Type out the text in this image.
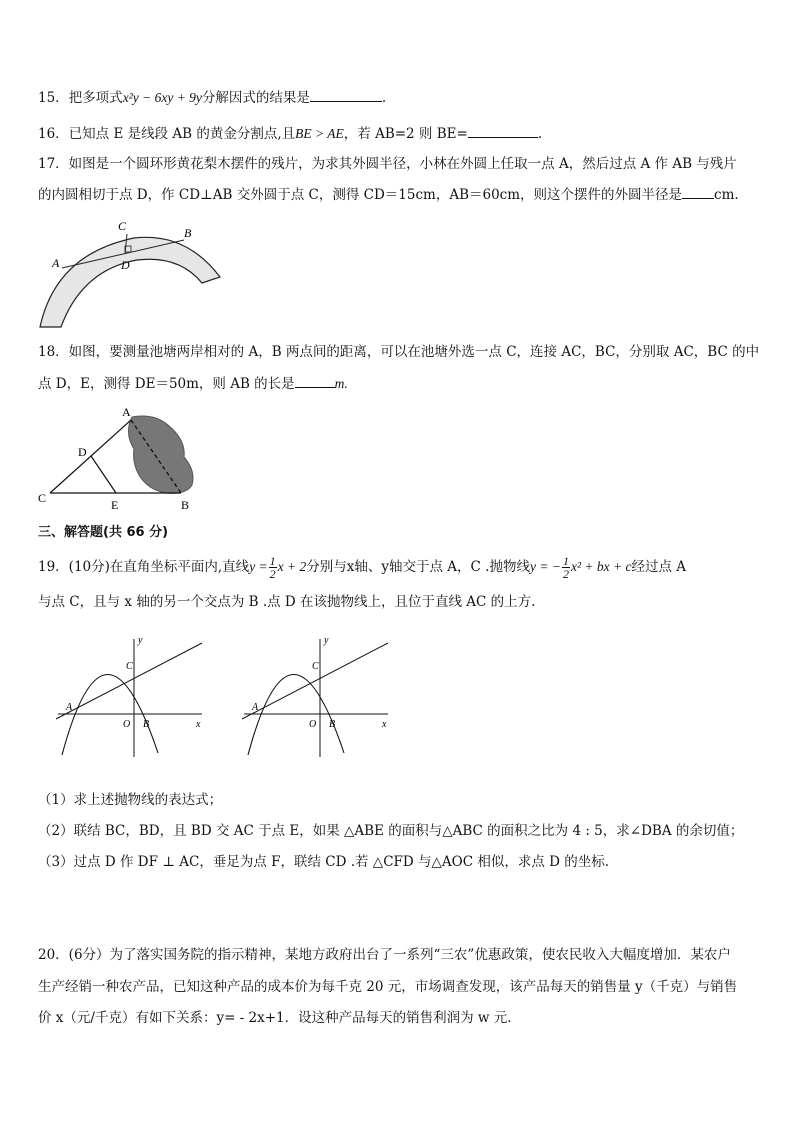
15．把多项式x²y − 6xy + 9y分解因式的结果是	.
16．已知点 E 是线段 AB 的黄金分割点,且BE > AE，若 AB=2 则 BE=	.
17．如图是一个圆环形黄花梨木摆件的残片，为求其外圆半径，小林在外圆上任取一点 A，然后过点 A 作 AB 与残片
的内圆相切于点 D，作 CD⊥AB 交外圆于点 C，测得 CD＝15cm，AB＝60cm，则这个摆件的外圆半径是 cm.
A
C
D
B
18．如图，要测量池塘两岸相对的 A，B 两点间的距离，可以在池塘外选一点 C，连接 AC，BC，分别取 AC，BC 的中
点 D，E，测得 DE＝50m，则 AB 的长是	m.
A
D
C	E	B
三、解答题(共 66 分)
19．(10分)在直角坐标平面内,直线$y = \frac{1}{2}$ x + 2分别与x轴、y轴交于点 A，C .抛物线y = − $\frac{1}{2} x^2$ + bx + c经过点 A
与点 C，且与 x 轴的另一个交点为 B .点 D 在该抛物线上，且位于直线 AC 的上方.
y
C
A
O B	x
y
C
A
O B	x
（1）求上述抛物线的表达式；
（2）联结 BC，BD，且 BD 交 AC 于点 E，如果 △ABE 的面积与△ABC 的面积之比为 4 : 5，求∠DBA 的余切值；
（3）过点 D 作 DF ⊥ AC，垂足为点 F，联结 CD .若 △CFD 与△AOC 相似，求点 D 的坐标.
20．(6分）为了落实国务院的指示精神，某地方政府出台了一系列“三农”优惠政策，使农民收入大幅度增加．某农户
生产经销一种农产品，已知这种产品的成本价为每千克 20 元，市场调查发现，该产品每天的销售量 y（千克）与销售
价 x（元/千克）有如下关系：y= - 2x+1．设这种产品每天的销售利润为 w 元．
